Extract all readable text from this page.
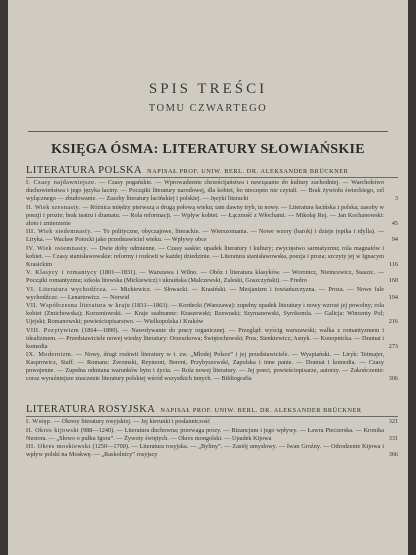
SPIS TREŚCI
TOMU CZWARTEGO
KSIĘGA ÓSMA: LITERATURY SŁOWIAŃSKIE
LITERATURA POLSKA NAPISAŁ PROF. UNIW. BERL. DR. ALEKSANDER BRÜCKNER
I. Czasy najdawniejsze. — Czasy pogańskie. — Wprowadzenie chrześcijaństwa i nawiązanie do kultury zachodniej. — Warchołstwo duchowieństwa i jego języka łaciny. — Początki literatury narodowej, dla kobiet, bo nieczęsto nie czytali. — Brak żywiołu świeckiego, cel wyłącznego — zbudowanie. — Zasoby literatury łacińskiej i polskiej. — Języki literacki	3
II. Wiek szesnasty. — Różnica między pierwszą a drugą połową wieku; tam dawny tryb, tu nowy. — Literatura łacińska i polska; zasoby w poezji i prozie; brak teatru i dramatu. — Rola reformacji. — Wpływ kobiet. — Łączność z Włochami. — Mikołaj Rej. — Jan Kochanowski: złoto i zmierzenie	45
III. Wiek siedemnasty. — To polityczne, obyczajowe, literackie. — Wierszomania. — Nowe wzory (barok) i dzieje (epika i idylla). — Liryka. — Wacław Potocki jako przedstawiciel wieku. — Wpływy obce	94
IV. Wiek osiemnasty. — Dwie doby odmienne. — Czasy saskie: upadek literatury i kultury; zwycięstwo sarmatyzmu; rola magnatów i kobiet. — Czasy stanisławowskie: reformy i rozkwit w każdej dziedzinie. — Literatura stanisławowska, poezja i proza; szczyty jej w Ignacym Krasickim	116
V. Klasycy i romantycy (1801—1831). — Warszawa i Wilno. — Obóz i literatura klasyków. — Woronicz, Niemcewicz, Staszic. — Początki romantyzmu; szkoła litewska (Mickiewicz) i ukraińska (Malczewski, Zaleski, Goszczyński). — Fredro	160
VI. Literatura wychodźcza. — Mickiewicz. — Słowacki. — Krasiński. — Mesjanizm i towiańszczyzna. — Proza. — Nowe fale wychodźcze. — Lenartowicz. — Norwid	194
VII. Współczesna literatura w kraju (1831—1863). — Kordecki (Warszawa): zupełny upadek literatury i nowy wzrost jej powolny; rola kobiet (Zmichowska); Korzeniowski. — Kraje szabranne: Kraszewski; Rzewuski; Szymanowski, Syrokomla. — Galicja: Wincenty Pol; Ujejski; Romanowski; powieściopisarstwo. — Wielkopolska i Kraków	216
VIII. Pozytywizm (1864—1890). — Nawoływanie do pracy organicznej. — Przegląd: wyścig warszawski; walka z romantyzmem i idealizmem. — Przedstawiciele nowej wiedzy literatury: Orzeszkowa; Świętochowski; Prus; Sienkiewicz; Asnyk. — Konopnicka. — Dramat i komedia	273
IX. Modernizm. — Nowy, drugi rozkwit literatury w t. zw. „Młodej Polsce” i jej przedstawiciele. — Wyspiański. — Liryk: Tetmajer, Kasprowicz, Staff. — Romans: Żeromski, Reymont, Berent, Przybyszewski, Zapolska i inne panie. — Dramat i komedia. — Czasy powojenne. — Zupełna odmiana warunków bytu i życia. — Rola nowej literatury. — Jej poeci, powieściopisarze, autorzy. — Zakończenie: coraz wyraźniejsze znaczenie literatury polskiej wśród wszystkich innych. — Bibliografia	306
LITERATURA ROSYJSKA NAPISAŁ PROF. UNIW. BERL. DR. ALEKSANDER BRÜCKNER
I. Wstęp. — Okresy literatury rosyjskiej. — Jej kierunki i posłanniczość	321
II. Okres kijowski (988—1240). — Literatura duchowna; przewaga prozy. — Bizancjum i jego wpływy. — Ławra Pieczerska. — Kronika Nestora. — „Słowo o pułku Igora”. — Żywoty świętych. — Okres mongolski. — Upadek Kijowa	331
III. Okres moskiewski (1250—1700). — Literatura rosyjska. — „Byliny”. — Zastój umysłowy. — Iwan Groźny. — Odrodzenie Kijowa i wpływ polski na Moskwę. — „Raskolnicy” rosyjscy	366
